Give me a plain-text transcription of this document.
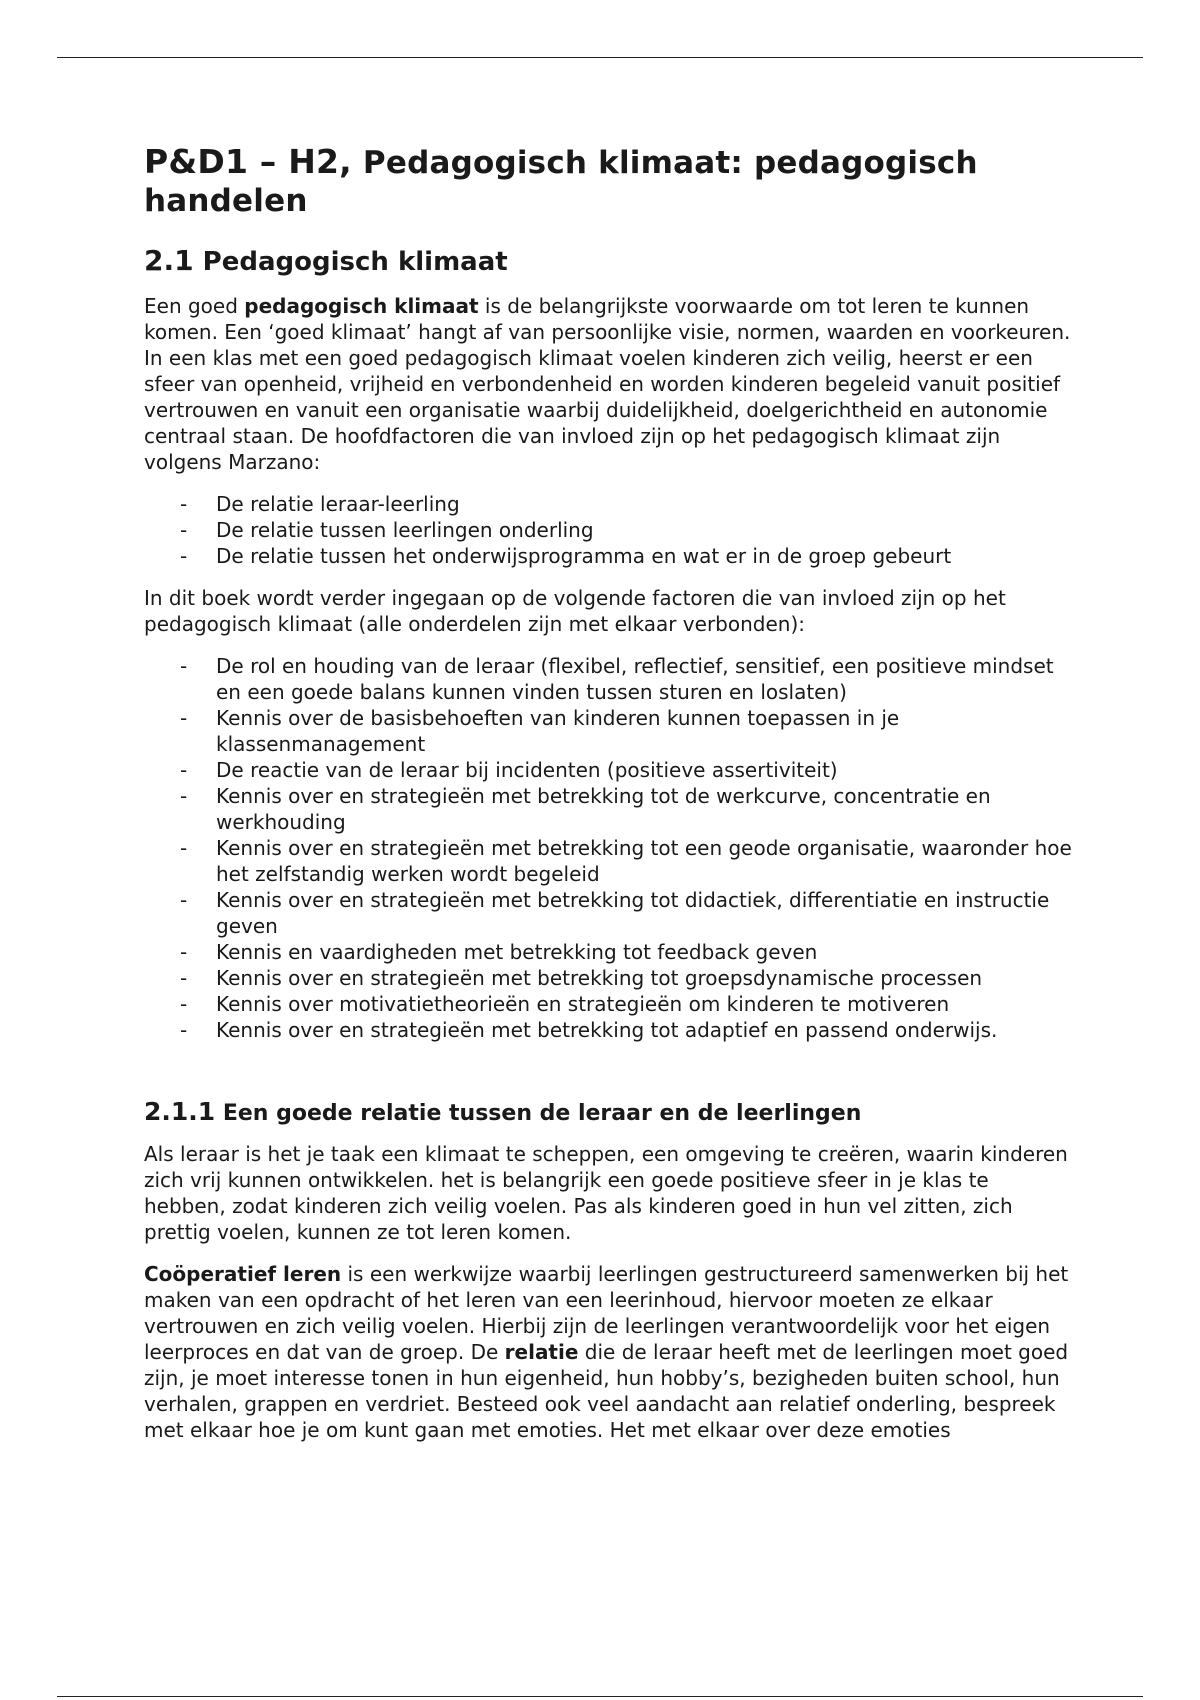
P&D1 – H2, Pedagogisch klimaat: pedagogisch handelen
2.1 Pedagogisch klimaat

Een goed pedagogisch klimaat is de belangrijkste voorwaarde om tot leren te kunnen komen. Een ‘goed klimaat’ hangt af van persoonlijke visie, normen, waarden en voorkeuren. In een klas met een goed pedagogisch klimaat voelen kinderen zich veilig, heerst er een sfeer van openheid, vrijheid en verbondenheid en worden kinderen begeleid vanuit positief vertrouwen en vanuit een organisatie waarbij duidelijkheid, doelgerichtheid en autonomie centraal staan. De hoofdfactoren die van invloed zijn op het pedagogisch klimaat zijn volgens Marzano:

- De relatie leraar-leerling
- De relatie tussen leerlingen onderling
- De relatie tussen het onderwijsprogramma en wat er in de groep gebeurt

In dit boek wordt verder ingegaan op de volgende factoren die van invloed zijn op het pedagogisch klimaat (alle onderdelen zijn met elkaar verbonden):

- De rol en houding van de leraar (flexibel, reflectief, sensitief, een positieve mindset en een goede balans kunnen vinden tussen sturen en loslaten)
- Kennis over de basisbehoeften van kinderen kunnen toepassen in je klassenmanagement
- De reactie van de leraar bij incidenten (positieve assertiviteit)
- Kennis over en strategieën met betrekking tot de werkcurve, concentratie en werkhouding
- Kennis over en strategieën met betrekking tot een geode organisatie, waaronder hoe het zelfstandig werken wordt begeleid
- Kennis over en strategieën met betrekking tot didactiek, differentiatie en instructie geven
- Kennis en vaardigheden met betrekking tot feedback geven
- Kennis over en strategieën met betrekking tot groepsdynamische processen
- Kennis over motivatietheorieën en strategieën om kinderen te motiveren
- Kennis over en strategieën met betrekking tot adaptief en passend onderwijs.
2.1.1 Een goede relatie tussen de leraar en de leerlingen

Als leraar is het je taak een klimaat te scheppen, een omgeving te creëren, waarin kinderen zich vrij kunnen ontwikkelen. het is belangrijk een goede positieve sfeer in je klas te hebben, zodat kinderen zich veilig voelen. Pas als kinderen goed in hun vel zitten, zich prettig voelen, kunnen ze tot leren komen.

Coöperatief leren is een werkwijze waarbij leerlingen gestructureerd samenwerken bij het maken van een opdracht of het leren van een leerinhoud, hiervoor moeten ze elkaar vertrouwen en zich veilig voelen. Hierbij zijn de leerlingen verantwoordelijk voor het eigen leerproces en dat van de groep. De relatie die de leraar heeft met de leerlingen moet goed zijn, je moet interesse tonen in hun eigenheid, hun hobby’s, bezigheden buiten school, hun verhalen, grappen en verdriet. Besteed ook veel aandacht aan relatief onderling, bespreek met elkaar hoe je om kunt gaan met emoties. Het met elkaar over deze emoties
